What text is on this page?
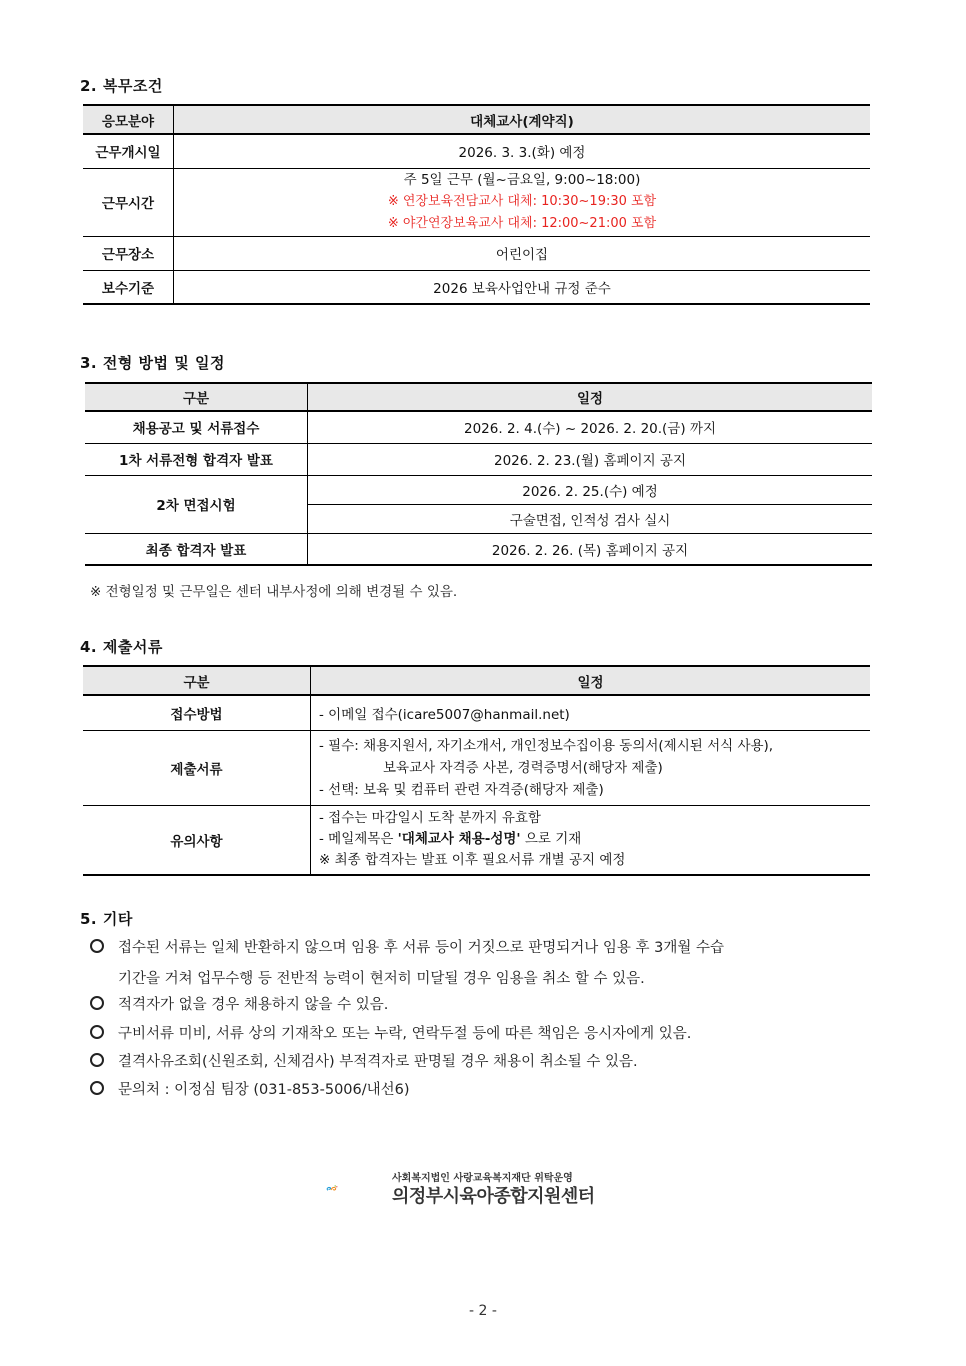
2. 복무조건
응모분야	대체교사(계약직)
근무개시일	2026. 3. 3.(화) 예정
근무시간	주 5일 근무 (월~금요일, 9:00~18:00)
※ 연장보육전담교사 대체: 10:30~19:30 포함
※ 야간연장보육교사 대체: 12:00~21:00 포함

근무장소	어린이집
보수기준	2026 보육사업안내 규정 준수
3. 전형 방법 및 일정
구분	일정
채용공고 및 서류접수	2026. 2. 4.(수) ~ 2026. 2. 20.(금) 까지
1차 서류전형 합격자 발표	2026. 2. 23.(월) 홈페이지 공지
2차 면접시험	2026. 2. 25.(수) 예정
	구술면접, 인적성 검사 실시
최종 합격자 발표	2026. 2. 26. (목) 홈페이지 공지
※ 전형일정 및 근무일은 센터 내부사정에 의해 변경될 수 있음.
4. 제출서류
구분	일정
접수방법	- 이메일 접수(icare5007@hanmail.net)
제출서류	- 필수: 채용지원서, 자기소개서, 개인정보수집이용 동의서(제시된 서식 사용),
보육교사 자격증 사본, 경력증명서(해당자 제출)
- 선택: 보육 및 컴퓨터 관련 자격증(해당자 제출)

유의사항	- 접수는 마감일시 도착 분까지 유효함
- 메일제목은 '대체교사 채용-성명' 으로 기재
※ 최종 합격자는 발표 이후 필요서류 개별 공지 예정
5. 기타
접수된 서류는 일체 반환하지 않으며 임용 후 서류 등이 거짓으로 판명되거나 임용 후 3개월 수습
기간을 거쳐 업무수행 등 전반적 능력이 현저히 미달될 경우 임용을 취소 할 수 있음.
적격자가 없을 경우 채용하지 않을 수 있음.
구비서류 미비, 서류 상의 기재착오 또는 누락, 연락두절 등에 따른 책임은 응시자에게 있음.
결격사유조회(신원조회, 신체검사) 부적격자로 판명될 경우 채용이 취소될 수 있음.
문의처 : 이정심 팀장 (031-853-5006/내선6)
사회복지법인 사랑교육복지재단 위탁운영
의정부시육아종합지원센터
- 2 -
